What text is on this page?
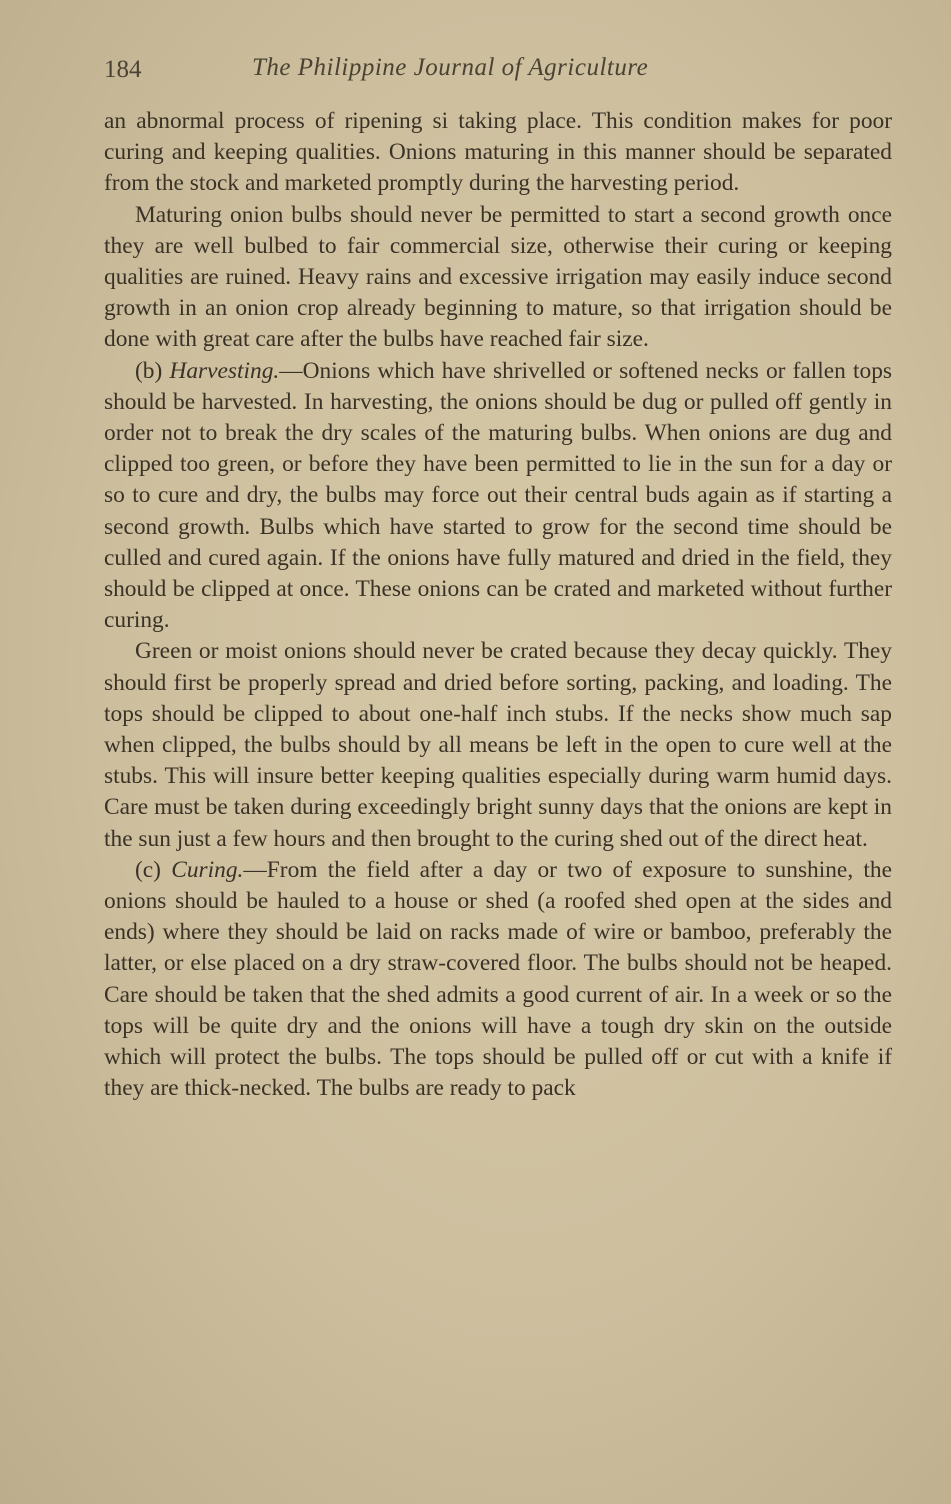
184	The Philippine Journal of Agriculture

an abnormal process of ripening si taking place. This condition makes for poor curing and keeping qualities. Onions maturing in this manner should be separated from the stock and marketed promptly during the harvesting period.

Maturing onion bulbs should never be permitted to start a second growth once they are well bulbed to fair commercial size, otherwise their curing or keeping qualities are ruined. Heavy rains and excessive irrigation may easily induce second growth in an onion crop already beginning to mature, so that irrigation should be done with great care after the bulbs have reached fair size.

(b) Harvesting.—Onions which have shrivelled or softened necks or fallen tops should be harvested. In harvesting, the onions should be dug or pulled off gently in order not to break the dry scales of the maturing bulbs. When onions are dug and clipped too green, or before they have been permitted to lie in the sun for a day or so to cure and dry, the bulbs may force out their central buds again as if starting a second growth. Bulbs which have started to grow for the second time should be culled and cured again. If the onions have fully matured and dried in the field, they should be clipped at once. These onions can be crated and marketed without further curing.

Green or moist onions should never be crated because they decay quickly. They should first be properly spread and dried before sorting, packing, and loading. The tops should be clipped to about one-half inch stubs. If the necks show much sap when clipped, the bulbs should by all means be left in the open to cure well at the stubs. This will insure better keeping qualities especially during warm humid days. Care must be taken during exceedingly bright sunny days that the onions are kept in the sun just a few hours and then brought to the curing shed out of the direct heat.

(c) Curing.—From the field after a day or two of exposure to sunshine, the onions should be hauled to a house or shed (a roofed shed open at the sides and ends) where they should be laid on racks made of wire or bamboo, preferably the latter, or else placed on a dry straw-covered floor. The bulbs should not be heaped. Care should be taken that the shed admits a good current of air. In a week or so the tops will be quite dry and the onions will have a tough dry skin on the outside which will protect the bulbs. The tops should be pulled off or cut with a knife if they are thick-necked. The bulbs are ready to pack
